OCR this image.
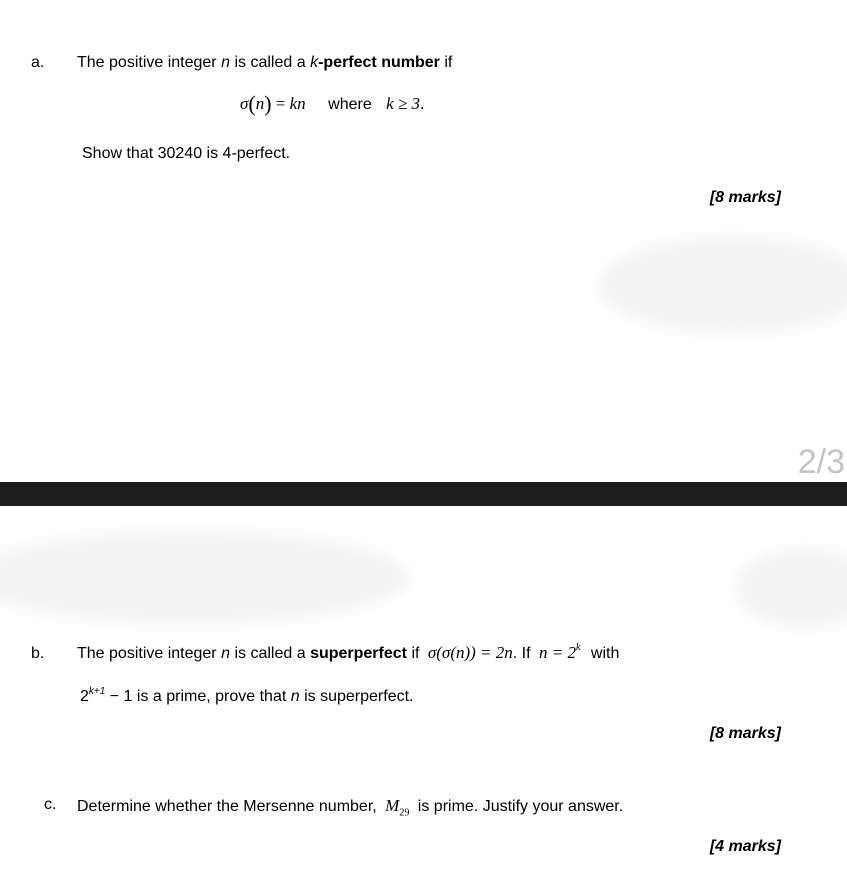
a. The positive integer n is called a k-perfect number if
σ(n) = kn where k ≥ 3.
Show that 30240 is 4-perfect.
[8 marks]
2/3
b. The positive integer n is called a superperfect if σ(σ(n)) = 2n. If $n = 2^k$ with
$2^{k+1} - 1$ is a prime, prove that n is superperfect.
[8 marks]
c. Determine whether the Mersenne number, $M_{29}$ is prime. Justify your answer.
[4 marks]
